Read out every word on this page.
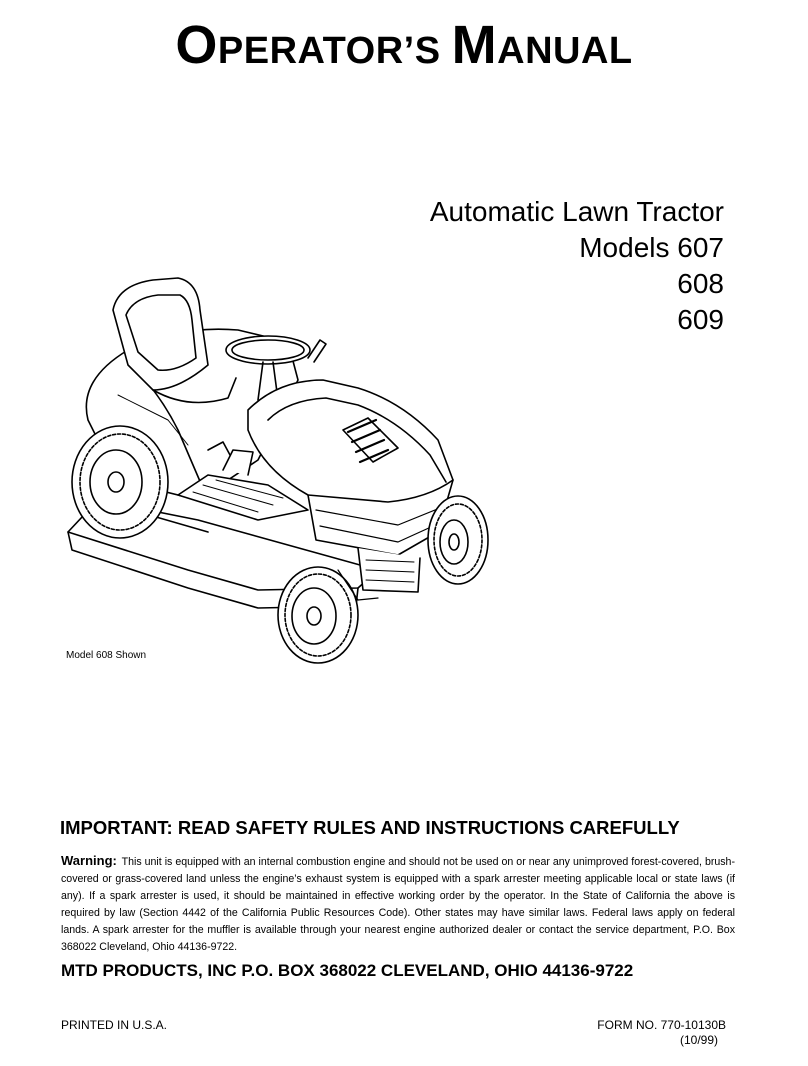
OPERATOR’S MANUAL
Automatic Lawn Tractor
Models 607
608
609
Model 608 Shown
IMPORTANT: READ SAFETY RULES AND INSTRUCTIONS CAREFULLY
Warning: This unit is equipped with an internal combustion engine and should not be used on or near any unimproved forest-covered, brush-covered or grass-covered land unless the engine’s exhaust system is equipped with a spark arrester meeting applicable local or state laws (if any). If a spark arrester is used, it should be maintained in effective working order by the operator. In the State of California the above is required by law (Section 4442 of the California Public Resources Code). Other states may have similar laws. Federal laws apply on federal lands. A spark arrester for the muffler is available through your nearest engine authorized dealer or contact the service department, P.O. Box 368022 Cleveland, Ohio 44136-9722.
MTD PRODUCTS, INC P.O. BOX 368022 CLEVELAND, OHIO 44136-9722
PRINTED IN U.S.A.	FORM NO. 770-10130B
(10/99)
